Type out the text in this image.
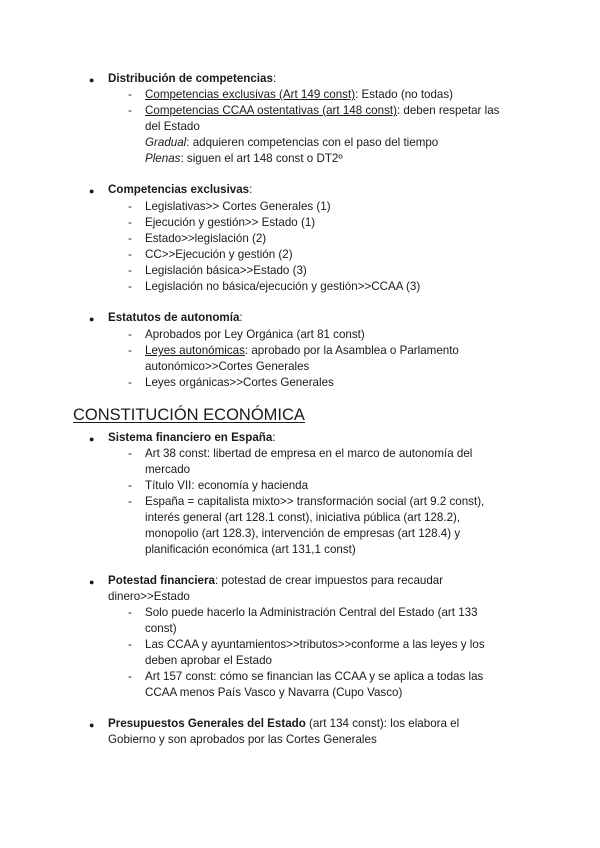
● Distribución de competencias:
- Competencias exclusivas (Art 149 const): Estado (no todas)
- Competencias CCAA ostentativas (art 148 const): deben respetar las
del Estado
Gradual: adquieren competencias con el paso del tiempo
Plenas: siguen el art 148 const o DT2º
● Competencias exclusivas:
- Legislativas>> Cortes Generales (1)
- Ejecución y gestión>> Estado (1)
- Estado>>legislación (2)
- CC>>Ejecución y gestión (2)
- Legislación básica>>Estado (3)
- Legislación no básica/ejecución y gestión>>CCAA (3)
● Estatutos de autonomía:
- Aprobados por Ley Orgánica (art 81 const)
- Leyes autonómicas: aprobado por la Asamblea o Parlamento
autonómico>>Cortes Generales
- Leyes orgánicas>>Cortes Generales
CONSTITUCIÓN ECONÓMICA
● Sistema financiero en España:
- Art 38 const: libertad de empresa en el marco de autonomía del
mercado
- Título VII: economía y hacienda
- España = capitalista mixto>> transformación social (art 9.2 const),
interés general (art 128.1 const), iniciativa pública (art 128.2),
monopolio (art 128.3), intervención de empresas (art 128.4) y
planificación económica (art 131,1 const)
● Potestad financiera: potestad de crear impuestos para recaudar
dinero>>Estado
- Solo puede hacerlo la Administración Central del Estado (art 133
const)
- Las CCAA y ayuntamientos>>tributos>>conforme a las leyes y los
deben aprobar el Estado
- Art 157 const: cómo se financian las CCAA y se aplica a todas las
CCAA menos País Vasco y Navarra (Cupo Vasco)
● Presupuestos Generales del Estado (art 134 const): los elabora el
Gobierno y son aprobados por las Cortes Generales
